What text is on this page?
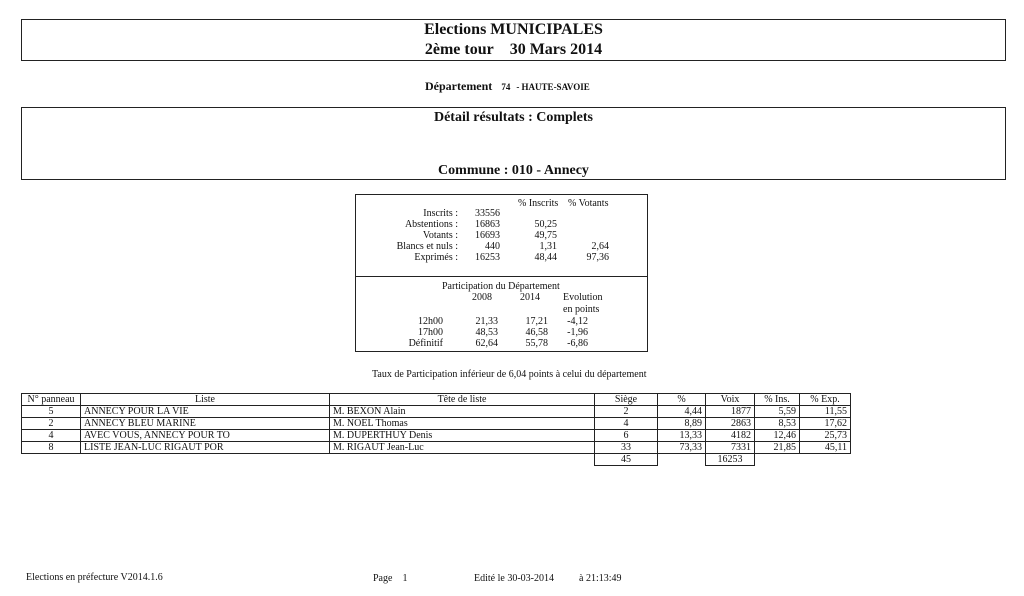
Elections MUNICIPALES
2ème tour 30 Mars 2014
Département 74 - HAUTE-SAVOIE
Détail résultats : Complets
Commune : 010 - Annecy
% Inscrits % Votants
Inscrits :	33556
Abstentions :	16863	50,25
Votants :	16693	49,75
Blancs et nuls :	440	1,31	2,64
Exprimés :	16253	48,44	97,36
Participation du Département
2008	2014 Evolution
en points
12h00	21,33	17,21	-4,12
17h00	48,53	46,58	-1,96
Définitif	62,64	55,78	-6,86
Taux de Participation inférieur de 6,04 points à celui du département
N° panneau	Liste	Tête de liste	Siège	%	Voix	% Ins.	% Exp.
5	ANNECY POUR LA VIE	M. BEXON Alain	2	4,44	1877	5,59	11,55
2	ANNECY BLEU MARINE	M. NOEL Thomas	4	8,89	2863	8,53	17,62
4	AVEC VOUS, ANNECY POUR TO	M. DUPERTHUY Denis	6	13,33	4182	12,46	25,73
8	LISTE JEAN-LUC RIGAUT POR	M. RIGAUT Jean-Luc	33	73,33	7331	21,85	45,11
			45		16253		
Elections en préfecture V2014.1.6	Page 1	Edité le 30-03-2014	à 21:13:49
